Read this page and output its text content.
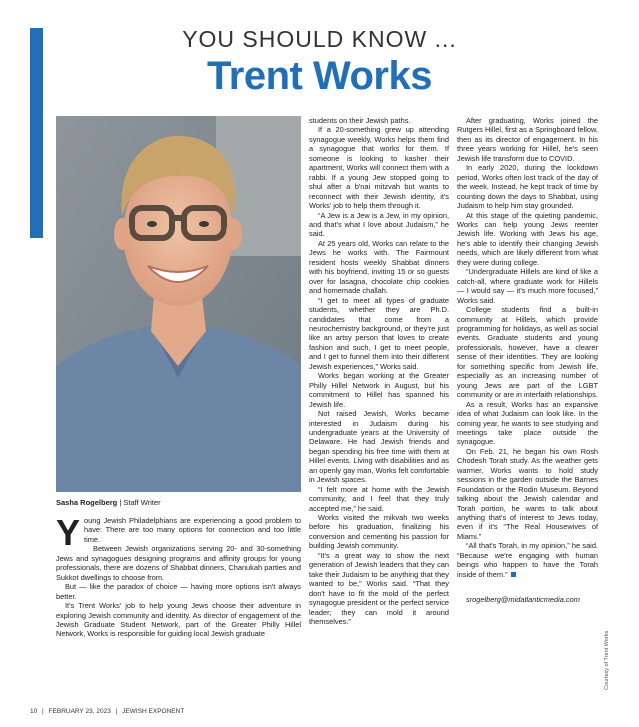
YOU SHOULD KNOW ...
Trent Works
Sasha Rogelberg | Staff Writer

Young Jewish Philadelphians are experiencing a good problem to have: There are too many options for connection and too little time.

Between Jewish organizations serving 20- and 30-something Jews and synagogues designing programs and affinity groups for young professionals, there are dozens of Shabbat dinners, Chanukah parties and Sukkot dwellings to choose from.

But — like the paradox of choice — having more options isn't always better.

It's Trent Works' job to help young Jews choose their adventure in exploring Jewish community and identity. As director of engagement of the Jewish Graduate Student Network, part of the Greater Philly Hillel Network, Works is responsible for guiding local Jewish graduate

students on their Jewish paths.

If a 20-something grew up attending synagogue weekly, Works helps them find a synagogue that works for them. If someone is looking to kasher their apartment, Works will connect them with a rabbi. If a young Jew stopped going to shul after a b'nai mitzvah but wants to reconnect with their Jewish identity, it's Works' job to help them through it.

“A Jew is a Jew is a Jew, in my opinion, and that's what I love about Judaism,” he said.

At 25 years old, Works can relate to the Jews he works with. The Fairmount resident hosts weekly Shabbat dinners with his boyfriend, inviting 15 or so guests over for lasagna, chocolate chip cookies and homemade challah.

“I get to meet all types of graduate students, whether they are Ph.D. candidates that come from a neurochemistry background, or they're just like an artsy person that loves to create fashion and such, I get to meet people, and I get to funnel them into their different Jewish experiences,” Works said.

Works began working at the Greater Philly Hillel Network in August, but his commitment to Hillel has spanned his Jewish life.

Not raised Jewish, Works became interested in Judaism during his undergraduate years at the University of Delaware. He had Jewish friends and began spending his free time with them at Hillel events. Living with disabilities and as an openly gay man, Works felt comfortable in Jewish spaces.

“I felt more at home with the Jewish community, and I feel that they truly accepted me,” he said.

Works visited the mikvah two weeks before his graduation, finalizing his conversion and cementing his passion for building Jewish community.

“It's a great way to show the next generation of Jewish leaders that they can take their Judaism to be anything that they wanted to be,” Works said. “That they don't have to fit the mold of the perfect synagogue president or the perfect service leader; they can mold it around themselves.”

After graduating, Works joined the Rutgers Hillel, first as a Springboard fellow, then as its director of engagement. In his three years working for Hillel, he's seen Jewish life transform due to COVID.

In early 2020, during the lockdown period, Works often lost track of the day of the week. Instead, he kept track of time by counting down the days to Shabbat, using Judaism to help him stay grounded.

At this stage of the quieting pandemic, Works can help young Jews reenter Jewish life. Working with Jews his age, he's able to identify their changing Jewish needs, which are likely different from what they were during college.

“Undergraduate Hillels are kind of like a catch-all, where graduate work for Hillels — I would say — it's much more focused,” Works said.

College students find a built-in community at Hillels, which provide programming for holidays, as well as social events. Graduate students and young professionals, however, have a clearer sense of their identities. They are looking for something specific from Jewish life, especially as an increasing number of young Jews are part of the LGBT community or are in interfaith relationships.

As a result, Works has an expansive idea of what Judaism can look like. In the coming year, he wants to see studying and meetings take place outside the synagogue.

On Feb. 21, he began his own Rosh Chodesh Torah study. As the weather gets warmer, Works wants to hold study sessions in the garden outside the Barnes Foundation or the Rodin Museum. Beyond talking about the Jewish calendar and Torah portion, he wants to talk about anything that's of interest to Jews today, even if it's “The Real Housewives of Miami.”

“All that's Torah, in my opinion,” he said. “Because we're engaging with human beings who happen to have the Torah inside of them.”

srogelberg@midatlanticmedia.com

10 | FEBRUARY 23, 2023 | JEWISH EXPONENT
Courtesy of Trent Works
